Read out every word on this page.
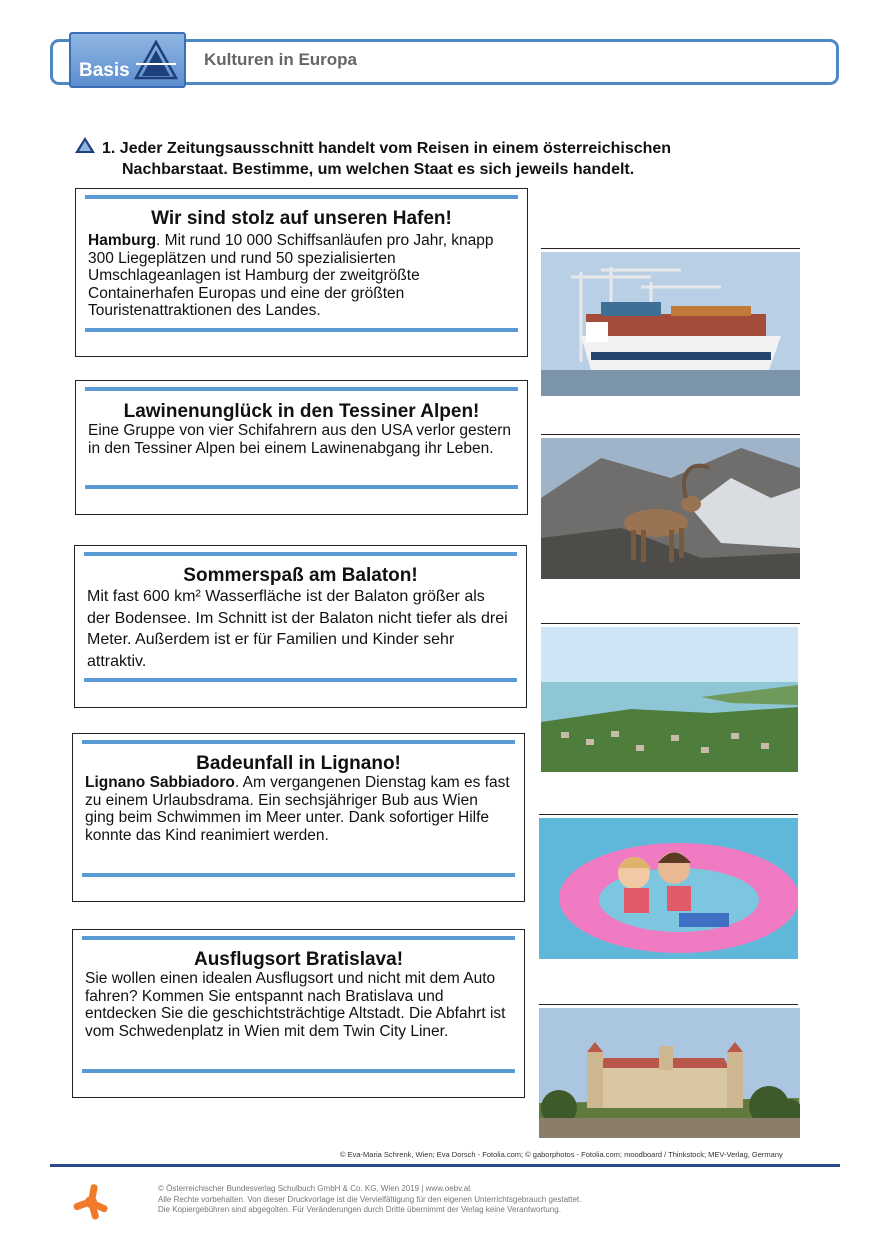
Basis
Kulturen in Europa
1. Jeder Zeitungsausschnitt handelt vom Reisen in einem österreichischen
Nachbarstaat. Bestimme, um welchen Staat es sich jeweils handelt.
Wir sind stolz auf unseren Hafen!
Hamburg. Mit rund 10 000 Schiffsanläufen pro Jahr, knapp 300 Liegeplätzen und rund 50 spezialisierten Umschlageanlagen ist Hamburg der zweitgrößte Containerhafen Europas und eine der größten Touristenattraktionen des Landes.
Lawinenunglück in den Tessiner Alpen!
Eine Gruppe von vier Schifahrern aus den USA verlor gestern in den Tessiner Alpen bei einem Lawinenabgang ihr Leben.
Sommerspaß am Balaton!
Mit fast 600 km² Wasserfläche ist der Balaton größer als der Bodensee. Im Schnitt ist der Balaton nicht tiefer als drei Meter. Außerdem ist er für Familien und Kinder sehr attraktiv.
Badeunfall in Lignano!
Lignano Sabbiadoro. Am vergangenen Dienstag kam es fast zu einem Urlaubsdrama. Ein sechsjähriger Bub aus Wien ging beim Schwimmen im Meer unter. Dank sofortiger Hilfe konnte das Kind reanimiert werden.
Ausflugsort Bratislava!
Sie wollen einen idealen Ausflugsort und nicht mit dem Auto fahren? Kommen Sie entspannt nach Bratislava und entdecken Sie die geschichtsträchtige Altstadt. Die Abfahrt ist vom Schwedenplatz in Wien mit dem Twin City Liner.
© Eva-Maria Schrenk, Wien; Eva Dorsch - Fotolia.com; © gaborphotos - Fotolia.com; moodboard / Thinkstock; MEV-Verlag, Germany
© Österreichischer Bundesverlag Schulbuch GmbH & Co. KG, Wien 2019 | www.oebv.at
Alle Rechte vorbehalten. Von dieser Druckvorlage ist die Vervielfältigung für den eigenen Unterrichtsgebrauch gestattet.
Die Kopiergebühren sind abgegolten. Für Veränderungen durch Dritte übernimmt der Verlag keine Verantwortung.
